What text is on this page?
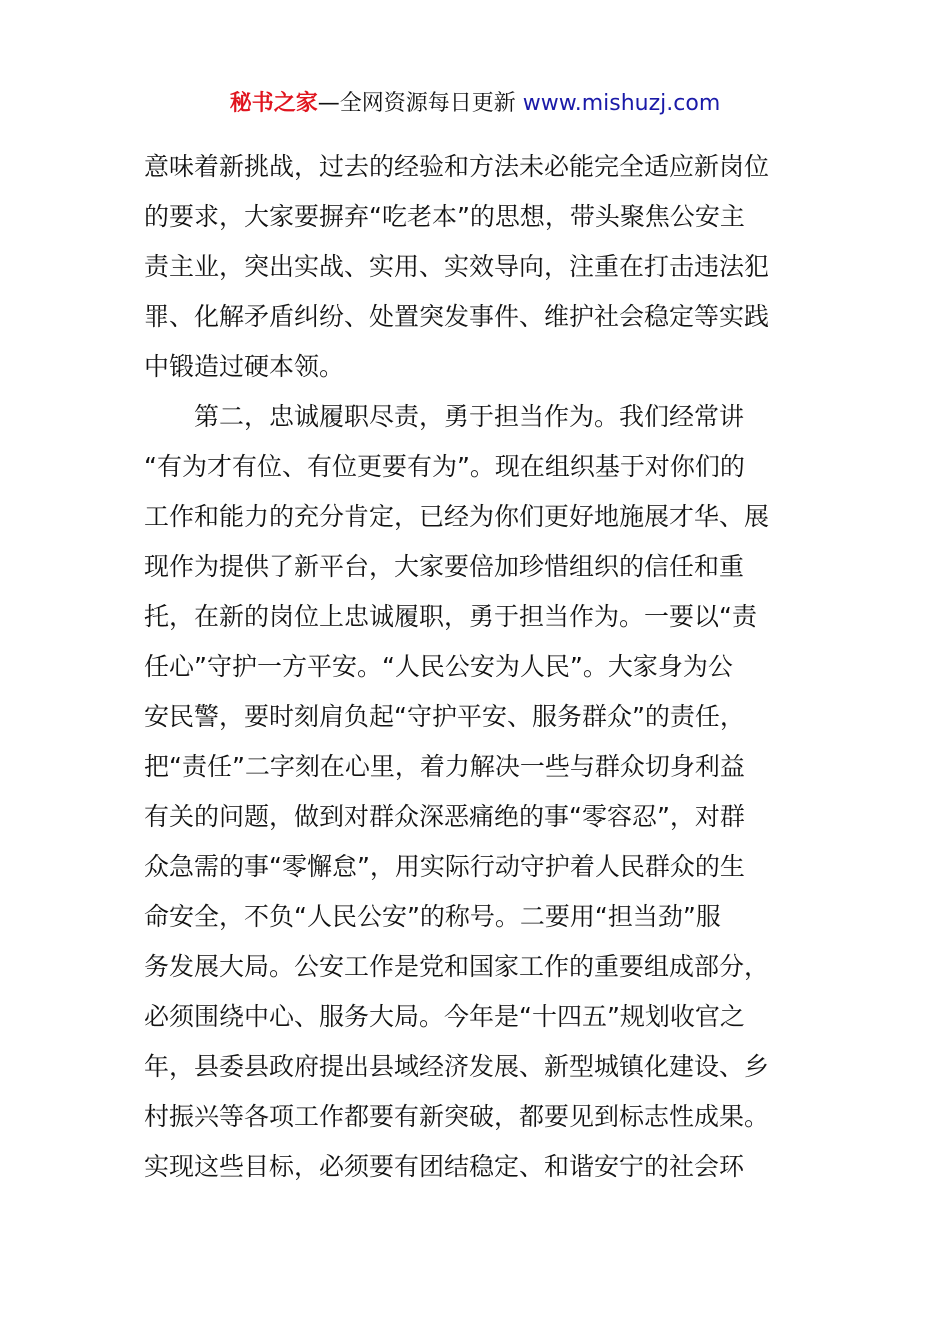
秘书之家—全网资源每日更新 www.mishuzj.com
意味着新挑战，过去的经验和方法未必能完全适应新岗位
的要求，大家要摒弃“吃老本”的思想，带头聚焦公安主
责主业，突出实战、实用、实效导向，注重在打击违法犯
罪、化解矛盾纠纷、处置突发事件、维护社会稳定等实践
中锻造过硬本领。
　　第二，忠诚履职尽责，勇于担当作为。我们经常讲
“有为才有位、有位更要有为”。现在组织基于对你们的
工作和能力的充分肯定，已经为你们更好地施展才华、展
现作为提供了新平台，大家要倍加珍惜组织的信任和重
托，在新的岗位上忠诚履职，勇于担当作为。一要以“责
任心”守护一方平安。“人民公安为人民”。大家身为公
安民警，要时刻肩负起“守护平安、服务群众”的责任，
把“责任”二字刻在心里，着力解决一些与群众切身利益
有关的问题，做到对群众深恶痛绝的事“零容忍”，对群
众急需的事“零懈怠”，用实际行动守护着人民群众的生
命安全，不负“人民公安”的称号。二要用“担当劲”服
务发展大局。公安工作是党和国家工作的重要组成部分，
必须围绕中心、服务大局。今年是“十四五”规划收官之
年，县委县政府提出县域经济发展、新型城镇化建设、乡
村振兴等各项工作都要有新突破，都要见到标志性成果。
实现这些目标，必须要有团结稳定、和谐安宁的社会环
